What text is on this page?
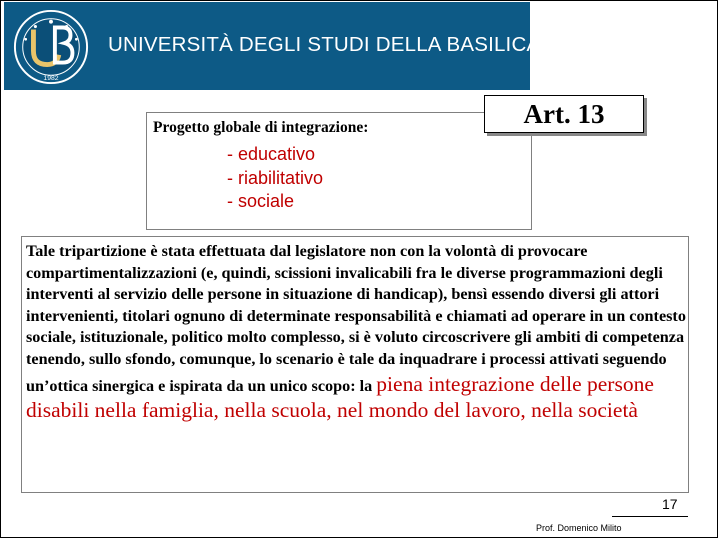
1982
UNIVERSITÀ DEGLI STUDI DELLA BASILICATA
Progetto globale di integrazione:
- educativo
- riabilitativo
- sociale
Art. 13
Tale tripartizione è stata effettuata dal legislatore non con la volontà di provocare compartimentalizzazioni (e, quindi, scissioni invalicabili fra le diverse programmazioni degli interventi al servizio delle persone in situazione di handicap), bensì essendo diversi gli attori intervenienti, titolari ognuno di determinate responsabilità e chiamati ad operare in un contesto sociale, istituzionale, politico molto complesso, si è voluto circoscrivere gli ambiti di competenza tenendo, sullo sfondo, comunque, lo scenario è tale da inquadrare i processi attivati seguendo un’ottica sinergica e ispirata da un unico scopo: la piena integrazione delle persone disabili nella famiglia, nella scuola, nel mondo del lavoro, nella società
17
Prof. Domenico Milito
